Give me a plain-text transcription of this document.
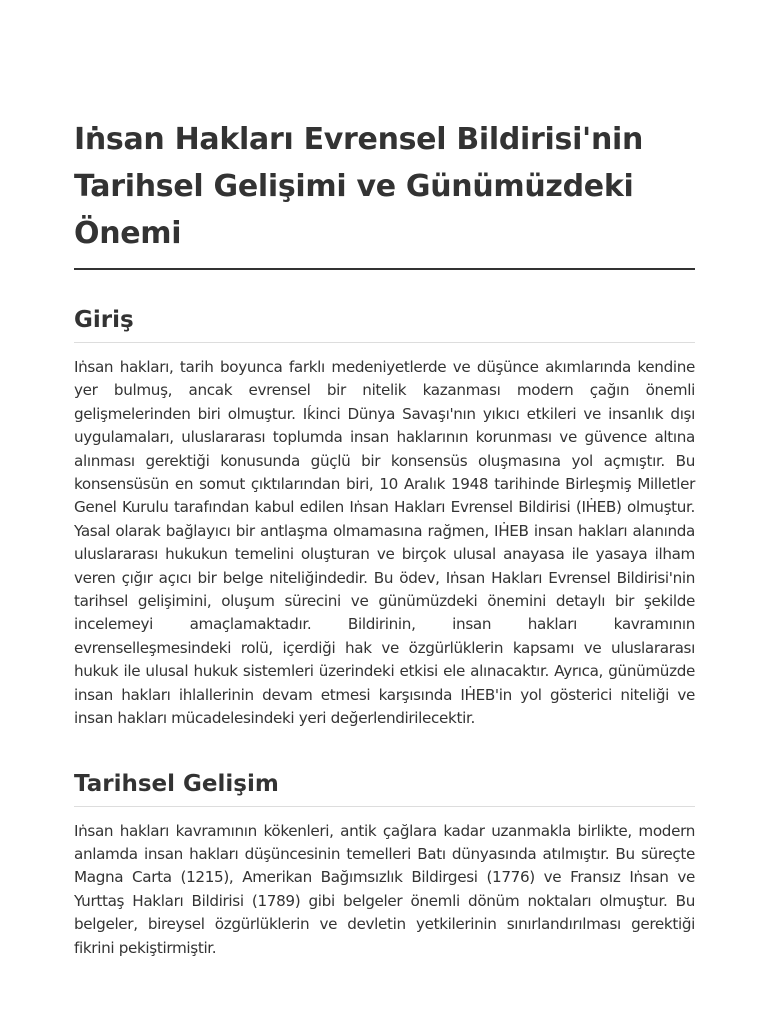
Iṅsan Hakları Evrensel Bildirisi'nin Tarihsel Gelişimi ve Günümüzdeki Önemi
Giriş

Iṅsan hakları, tarih boyunca farklı medeniyetlerde ve düşünce akımlarında kendine yer bulmuş, ancak evrensel bir nitelik kazanması modern çağın önemli gelişmelerinden biri olmuştur. Iḱinci Dünya Savaşı'nın yıkıcı etkileri ve insanlık dışı uygulamaları, uluslararası toplumda insan haklarının korunması ve güvence altına alınması gerektiği konusunda güçlü bir konsensüs oluşmasına yol açmıştır. Bu konsensüsün en somut çıktılarından biri, 10 Aralık 1948 tarihinde Birleşmiş Milletler Genel Kurulu tarafından kabul edilen Iṅsan Hakları Evrensel Bildirisi (IḢEB) olmuştur. Yasal olarak bağlayıcı bir antlaşma olmamasına rağmen, IḢEB insan hakları alanında uluslararası hukukun temelini oluşturan ve birçok ulusal anayasa ile yasaya ilham veren çığır açıcı bir belge niteliğindedir. Bu ödev, Iṅsan Hakları Evrensel Bildirisi'nin tarihsel gelişimini, oluşum sürecini ve günümüzdeki önemini detaylı bir şekilde incelemeyi amaçlamaktadır. Bildirinin, insan hakları kavramının evrenselleşmesindeki rolü, içerdiği hak ve özgürlüklerin kapsamı ve uluslararası hukuk ile ulusal hukuk sistemleri üzerindeki etkisi ele alınacaktır. Ayrıca, günümüzde insan hakları ihlallerinin devam etmesi karşısında IḢEB'in yol gösterici niteliği ve insan hakları mücadelesindeki yeri değerlendirilecektir.

Tarihsel Gelişim

Iṅsan hakları kavramının kökenleri, antik çağlara kadar uzanmakla birlikte, modern anlamda insan hakları düşüncesinin temelleri Batı dünyasında atılmıştır. Bu süreçte Magna Carta (1215), Amerikan Bağımsızlık Bildirgesi (1776) ve Fransız Iṅsan ve Yurttaş Hakları Bildirisi (1789) gibi belgeler önemli dönüm noktaları olmuştur. Bu belgeler, bireysel özgürlüklerin ve devletin yetkilerinin sınırlandırılması gerektiği fikrini pekiştirmiştir.
